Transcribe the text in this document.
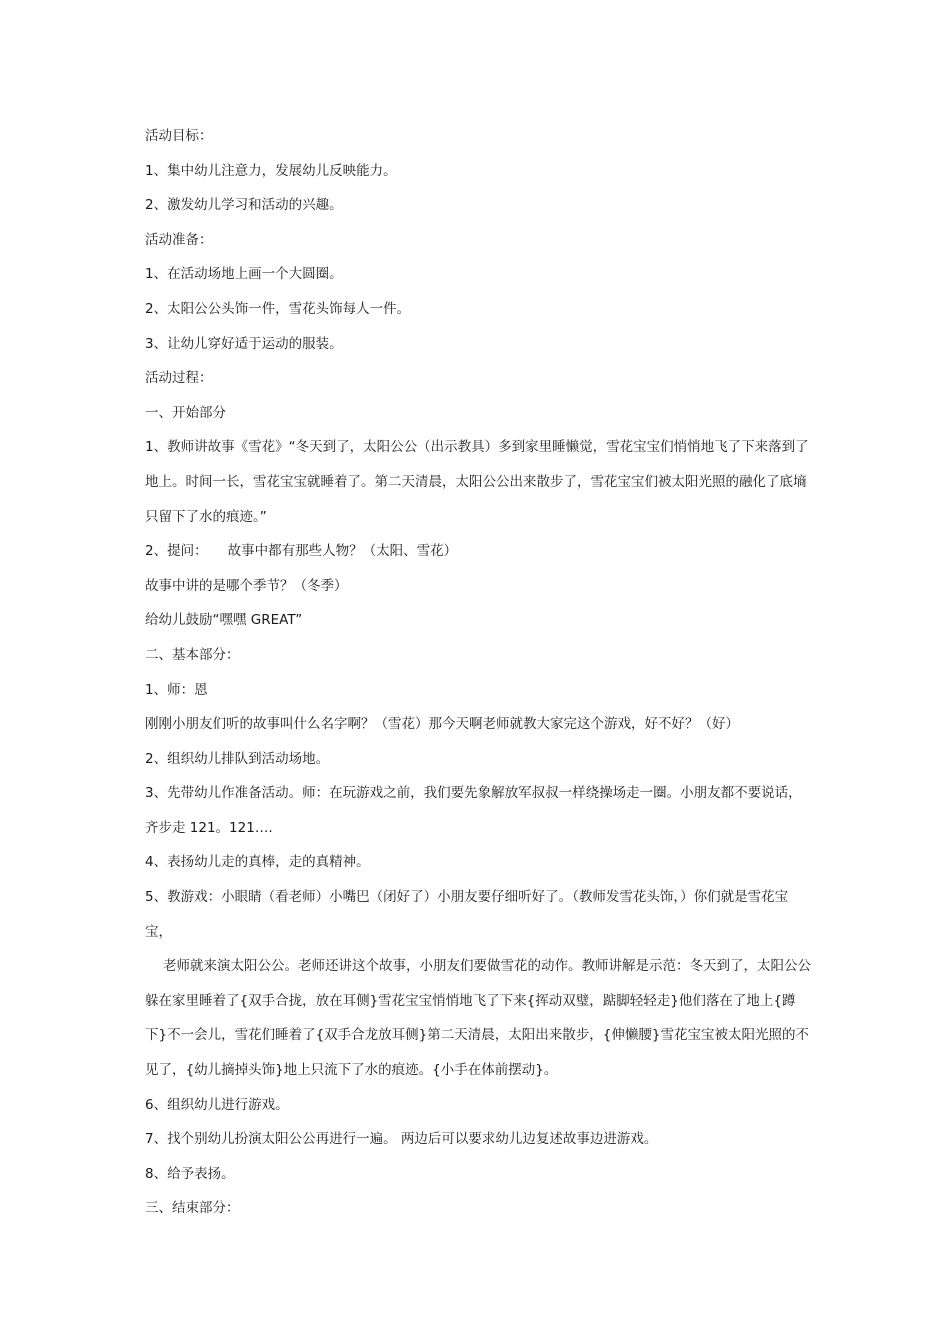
活动目标：

1、集中幼儿注意力，发展幼儿反映能力。

2、激发幼儿学习和活动的兴趣。

活动准备：

1、在活动场地上画一个大圆圈。

2、太阳公公头饰一件，雪花头饰每人一件。

3、让幼儿穿好适于运动的服装。

活动过程：

一、开始部分

1、教师讲故事《雪花》“冬天到了，太阳公公（出示教具）多到家里睡懒觉，雪花宝宝们悄悄地飞了下来落到了地上。时间一长，雪花宝宝就睡着了。第二天清晨，太阳公公出来散步了，雪花宝宝们被太阳光照的融化了底墒只留下了水的痕迹。”

2、提问： 故事中都有那些人物？（太阳、雪花）

故事中讲的是哪个季节？（冬季）

给幼儿鼓励“嘿嘿 GREAT”

二、基本部分：

1、师：恩刚刚小朋友们听的故事叫什么名字啊？（雪花）那今天啊老师就教大家完这个游戏，好不好？（好）

2、组织幼儿排队到活动场地。

3、先带幼儿作准备活动。师：在玩游戏之前，我们要先象解放军叔叔一样绕操场走一圈。小朋友都不要说话，齐步走 121。121….

4、表扬幼儿走的真棒，走的真精神。

5、教游戏：小眼睛（看老师）小嘴巴（闭好了）小朋友要仔细听好了。（教师发雪花头饰，）你们就是雪花宝宝，

老师就来演太阳公公。老师还讲这个故事，小朋友们要做雪花的动作。教师讲解是示范：冬天到了，太阳公公躲在家里睡着了{双手合拢，放在耳侧}雪花宝宝悄悄地飞了下来{挥动双璧，踮脚轻轻走}他们落在了地上{蹲下}不一会儿，雪花们睡着了{双手合龙放耳侧}第二天清晨，太阳出来散步，{伸懒腰}雪花宝宝被太阳光照的不见了，{幼儿摘掉头饰}地上只流下了水的痕迹。{小手在体前摆动}。

6、组织幼儿进行游戏。

7、找个别幼儿扮演太阳公公再进行一遍。 两边后可以要求幼儿边复述故事边进游戏。

8、给予表扬。

三、结束部分：
